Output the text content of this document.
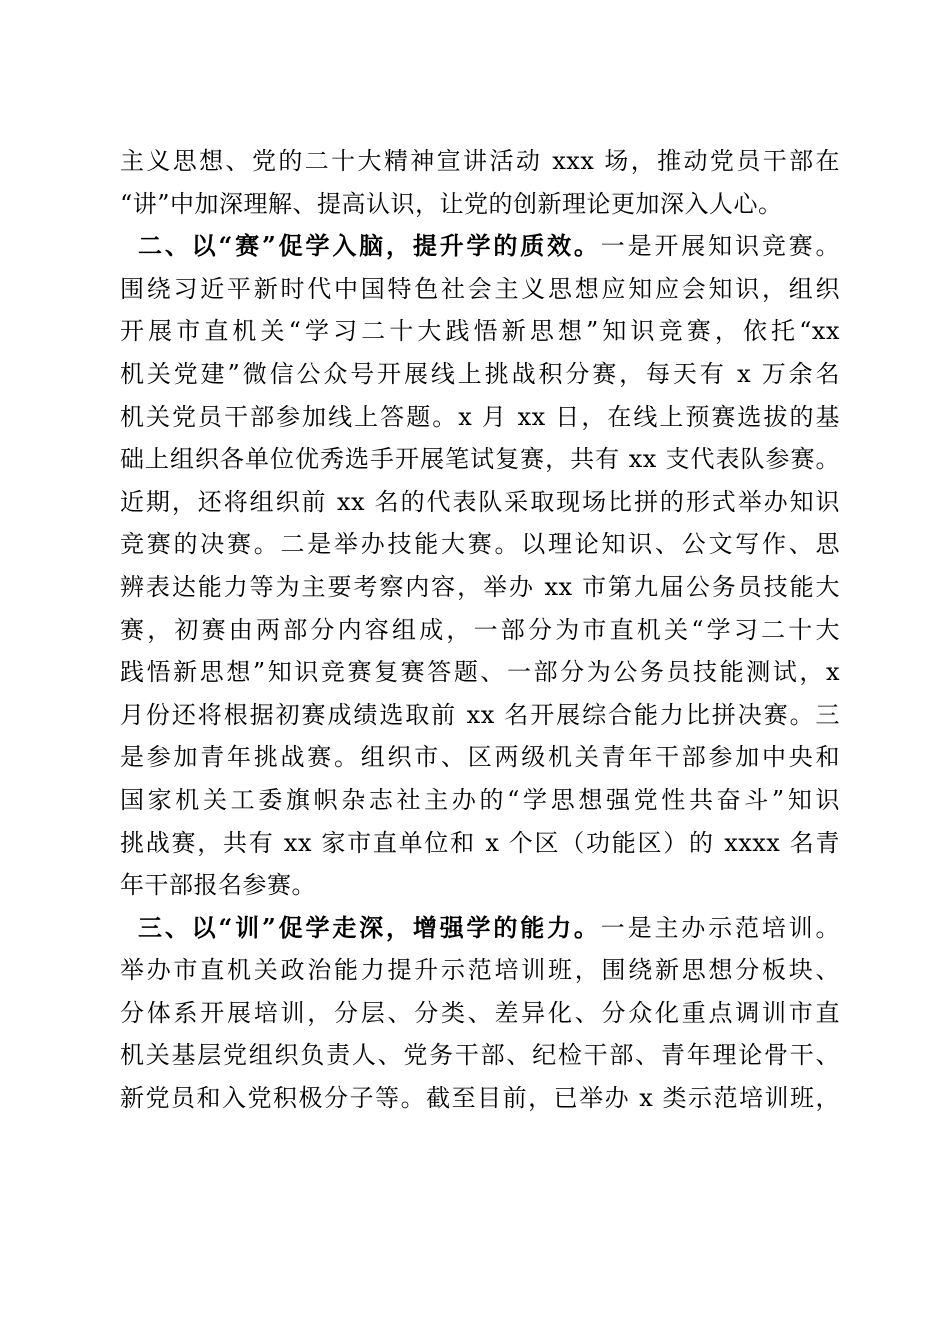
主义思想、党的二十大精神宣讲活动 xxx 场，推动党员干部在
“讲”中加深理解、提高认识，让党的创新理论更加深入人心。
二、以“赛”促学入脑，提升学的质效。一是开展知识竞赛。
围绕习近平新时代中国特色社会主义思想应知应会知识，组织
开展市直机关“学习二十大践悟新思想”知识竞赛，依托“xx
机关党建”微信公众号开展线上挑战积分赛，每天有 x 万余名
机关党员干部参加线上答题。x 月 xx 日，在线上预赛选拔的基
础上组织各单位优秀选手开展笔试复赛，共有 xx 支代表队参赛。
近期，还将组织前 xx 名的代表队采取现场比拼的形式举办知识
竞赛的决赛。二是举办技能大赛。以理论知识、公文写作、思
辨表达能力等为主要考察内容，举办 xx 市第九届公务员技能大
赛，初赛由两部分内容组成，一部分为市直机关“学习二十大
践悟新思想”知识竞赛复赛答题、一部分为公务员技能测试，x
月份还将根据初赛成绩选取前 xx 名开展综合能力比拼决赛。三
是参加青年挑战赛。组织市、区两级机关青年干部参加中央和
国家机关工委旗帜杂志社主办的“学思想强党性共奋斗”知识
挑战赛，共有 xx 家市直单位和 x 个区（功能区）的 xxxx 名青
年干部报名参赛。
三、以“训”促学走深，增强学的能力。一是主办示范培训。
举办市直机关政治能力提升示范培训班，围绕新思想分板块、
分体系开展培训，分层、分类、差异化、分众化重点调训市直
机关基层党组织负责人、党务干部、纪检干部、青年理论骨干、
新党员和入党积极分子等。截至目前，已举办 x 类示范培训班，
